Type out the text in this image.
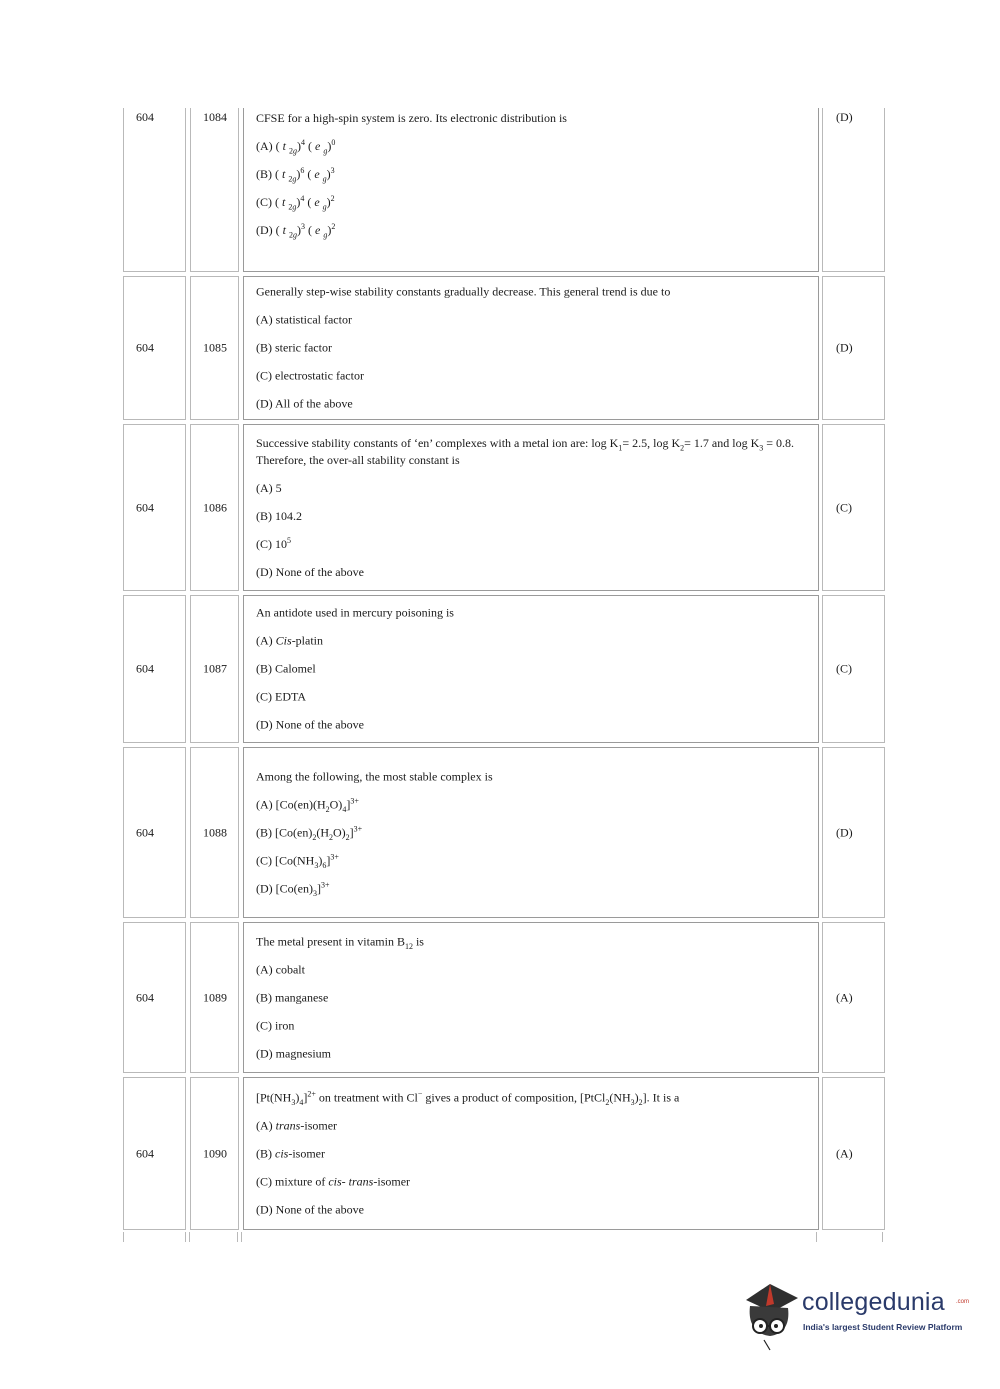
604	1084	CFSE for a high-spin system is zero. Its electronic distribution is
(A) ( t $_{2g}$)$^4$ ( e $_g$)$^0$
(B) ( t $_{2g}$)$^6$ ( e $_g$)$^3$
(C) ( t $_{2g}$)$^4$ ( e $_g$)$^2$
(D) ( t $_{2g}$)$^3$ ( e $_g$)$^2$
(D)
604	1085
Generally step-wise stability constants gradually decrease. This general trend is due to
(A) statistical factor
(B) steric factor
(C) electrostatic factor
(D) All of the above
(D)
604	1086
Successive stability constants of ‘en’ complexes with a metal ion are: $\log K_1= 2.5$, $\log K_2= 1.7$ and $\log K_3 = 0.8$. Therefore, the over-all stability constant is
(A) 5
(B) 104.2
(C) $10^5$
(D) None of the above
(C)
604	1087
An antidote used in mercury poisoning is
(A) Cis-platin
(B) Calomel
(C) EDTA
(D) None of the above
(C)
604	1088
Among the following, the most stable complex is
(A) $[Co(en)(H_2O)_4]^{3+}$
(B) $[Co(en)_2(H_2O)_2]^{3+}$
(C) $[Co(NH_3)_6]^{3+}$
(D) $[Co(en)_3]^{3+}$
(D)
604	1089
The metal present in vitamin $B_{12}$ is
(A) cobalt
(B) manganese
(C) iron
(D) magnesium
(A)
604	1090
$[Pt(NH_3)_4]^{2+}$ on treatment with Cl− gives a product of composition, $[PtCl_2(NH_3)_2]$. It is a
(A) trans-isomer
(B) cis-isomer
(C) mixture of cis- trans-isomer
(D) None of the above
(A)
collegedunia .com
India's largest Student Review Platform
